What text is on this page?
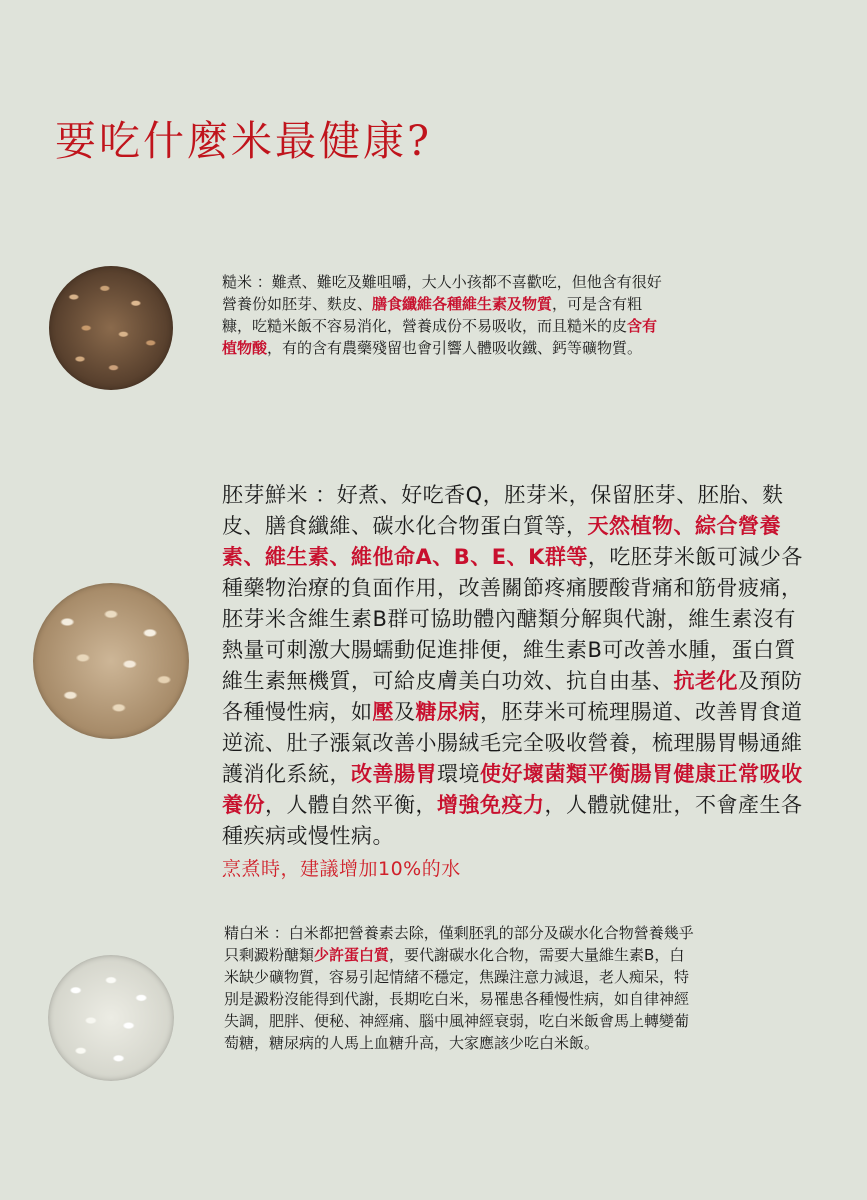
要吃什麼米最健康?

糙米 ：難煮、難吃及難咀嚼，大人小孩都不喜歡吃，但他含有很好營養份如胚芽、麩皮、膳食纖維各種維生素及物質，可是含有粗糠，吃糙米飯不容易消化，營養成份不易吸收，而且糙米的皮含有植物酸，有的含有農藥殘留也會引響人體吸收鐵、鈣等礦物質。

胚芽鮮米 ：好煮、好吃香Q，胚芽米，保留胚芽、胚胎、麩皮、膳食纖維、碳水化合物蛋白質等，天然植物、綜合營養素、維生素、維他命A、B、E、K群等，吃胚芽米飯可減少各種藥物治療的負面作用，改善關節疼痛腰酸背痛和筋骨疲痛，胚芽米含維生素B群可協助體內醣類分解與代謝，維生素沒有熱量可刺激大腸蠕動促進排便，維生素B可改善水腫，蛋白質維生素無機質，可給皮膚美白功效、抗自由基、抗老化及預防各種慢性病，如壓及糖尿病，胚芽米可梳理腸道、改善胃食道逆流、肚子漲氣改善小腸絨毛完全吸收營養，梳理腸胃暢通維護消化系統，改善腸胃環境使好壞菌類平衡腸胃健康正常吸收養份，人體自然平衡，增強免疫力，人體就健壯，不會產生各種疾病或慢性病。

烹煮時，建議增加10%的水

精白米 ：白米都把營養素去除，僅剩胚乳的部分及碳水化合物營養幾乎只剩澱粉醣類少許蛋白質，要代謝碳水化合物，需要大量維生素B，白米缺少礦物質，容易引起情緒不穩定，焦躁注意力減退，老人痴呆，特別是澱粉沒能得到代謝，長期吃白米，易罹患各種慢性病，如自律神經失調，肥胖、便秘、神經痛、腦中風神經衰弱，吃白米飯會馬上轉變葡萄糖，糖尿病的人馬上血糖升高，大家應該少吃白米飯。
